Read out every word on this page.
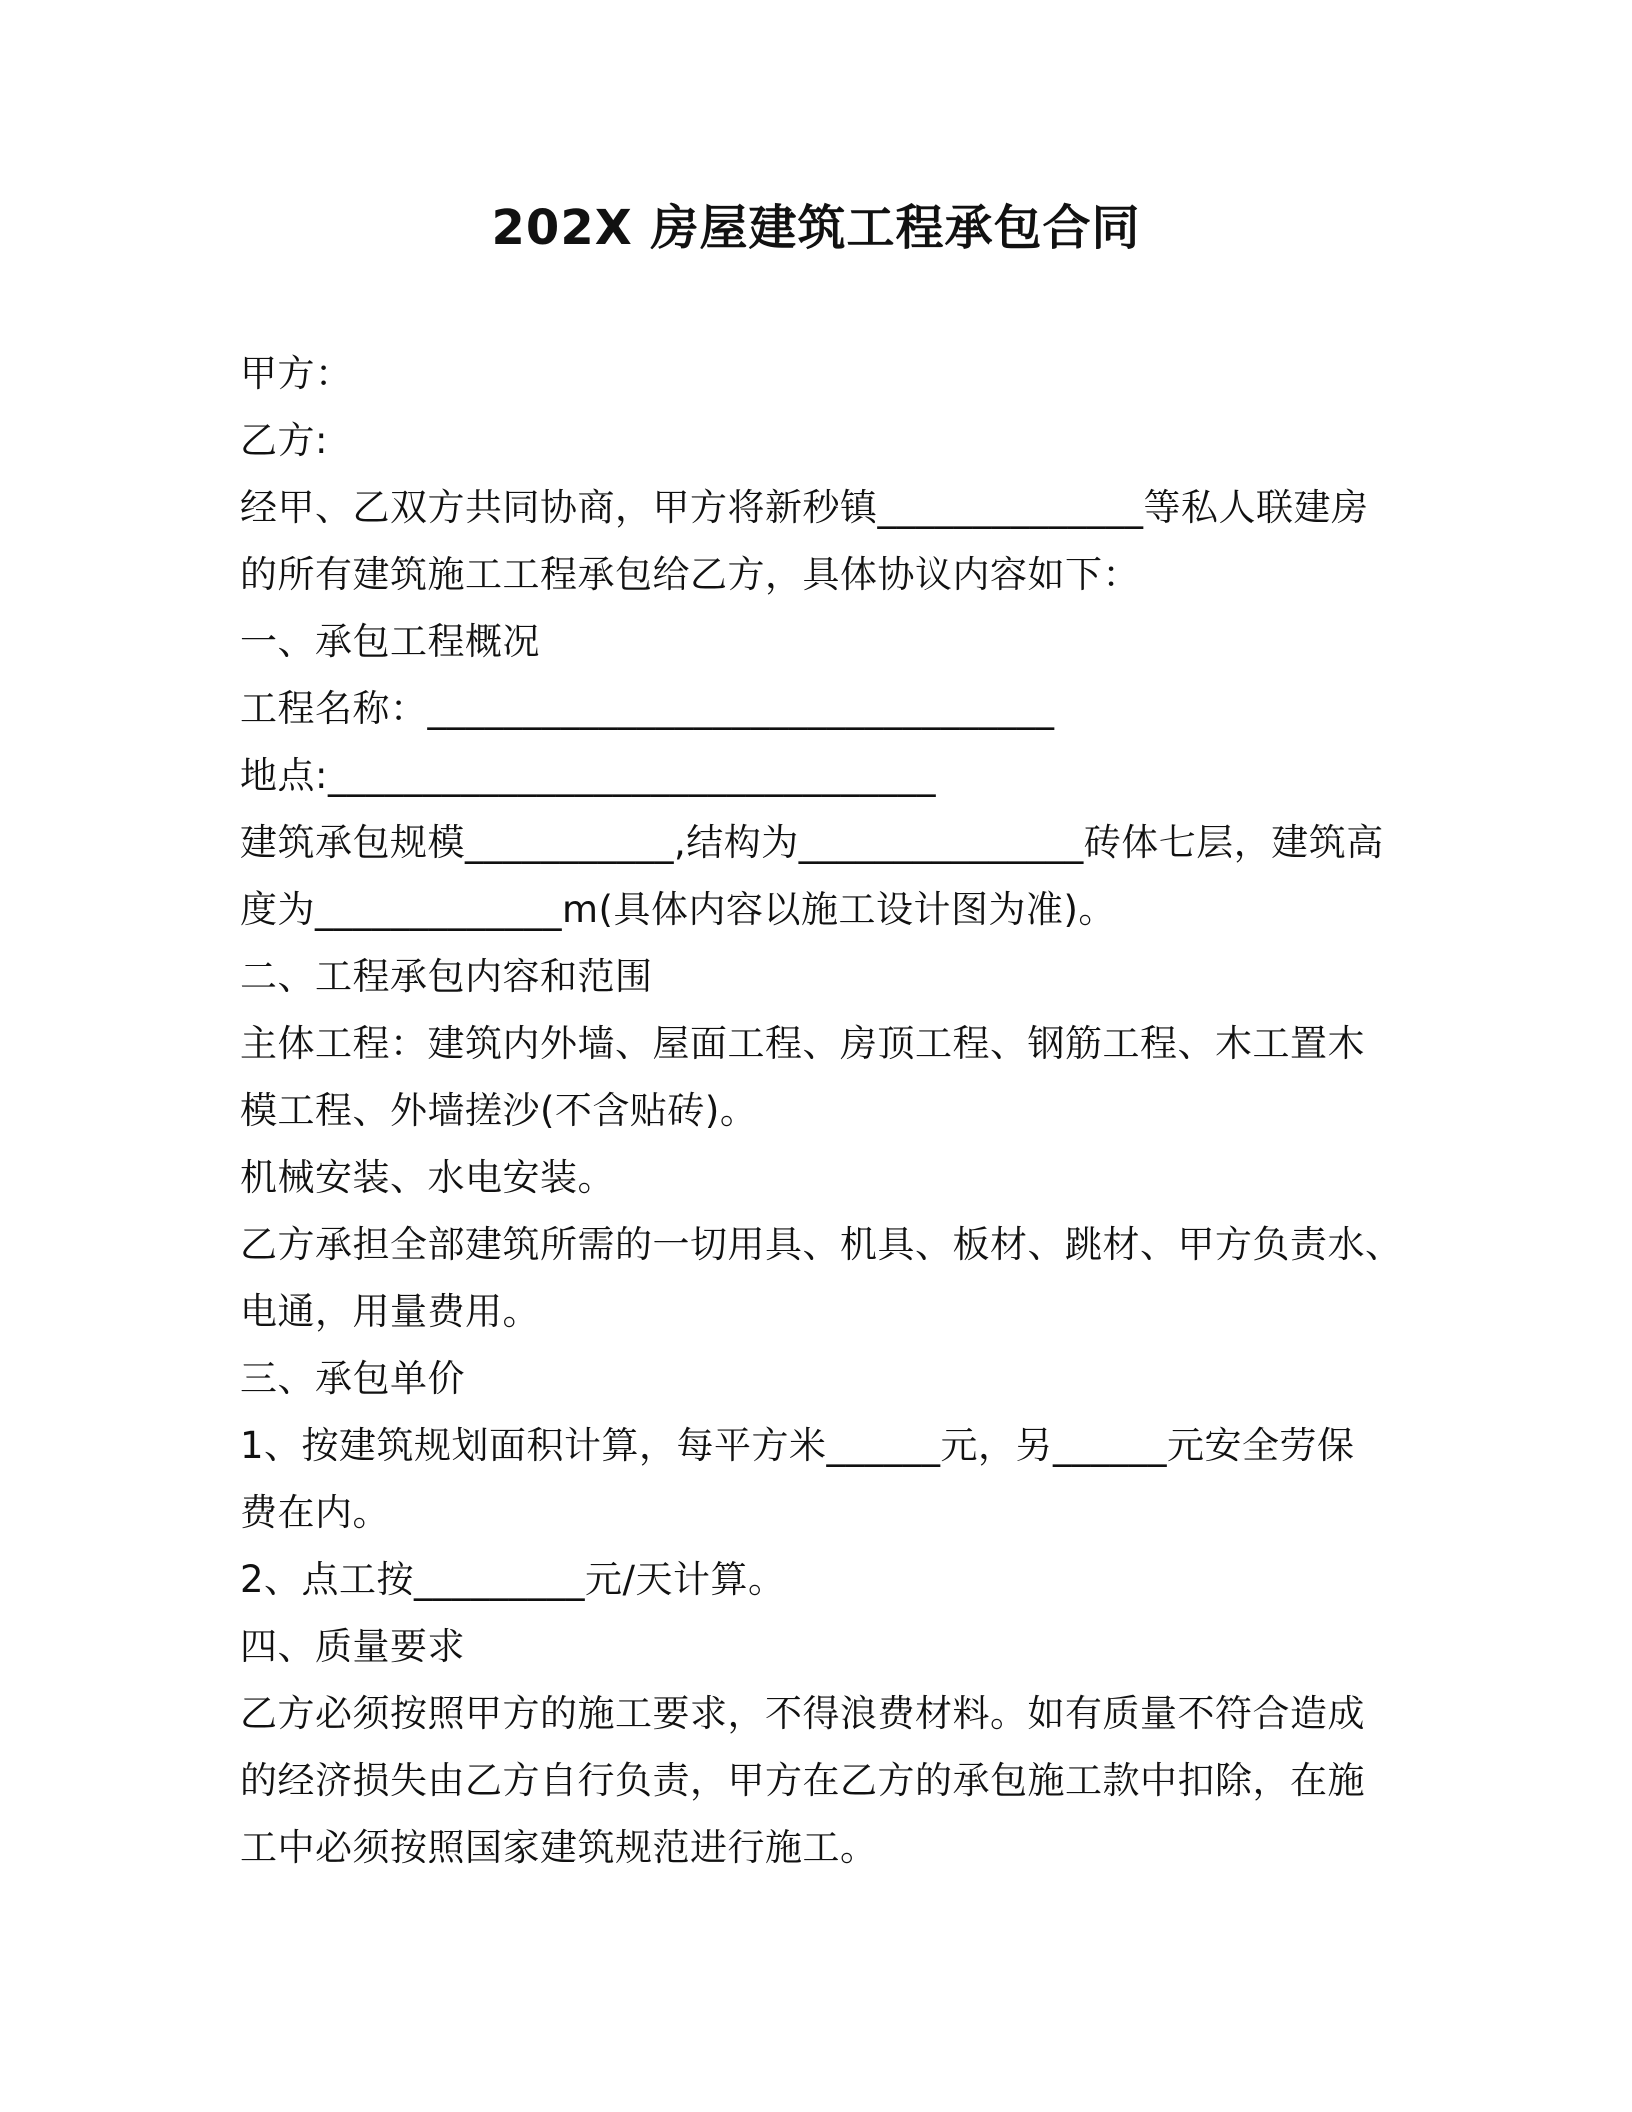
202X 房屋建筑工程承包合同
甲方：
乙方:
经甲、乙双方共同协商，甲方将新秒镇______________等私人联建房
的所有建筑施工工程承包给乙方，具体协议内容如下：
一、承包工程概况
工程名称：_________________________________
地点:________________________________
建筑承包规模___________,结构为_______________砖体七层，建筑高
度为_____________m(具体内容以施工设计图为准)。
二、工程承包内容和范围
主体工程：建筑内外墙、屋面工程、房顶工程、钢筋工程、木工置木
模工程、外墙搓沙(不含贴砖)。
机械安装、水电安装。
乙方承担全部建筑所需的一切用具、机具、板材、跳材、甲方负责水、
电通，用量费用。
三、承包单价
1、按建筑规划面积计算，每平方米______元，另______元安全劳保
费在内。
2、点工按_________元/天计算。
四、质量要求
乙方必须按照甲方的施工要求，不得浪费材料。如有质量不符合造成
的经济损失由乙方自行负责，甲方在乙方的承包施工款中扣除，在施
工中必须按照国家建筑规范进行施工。
